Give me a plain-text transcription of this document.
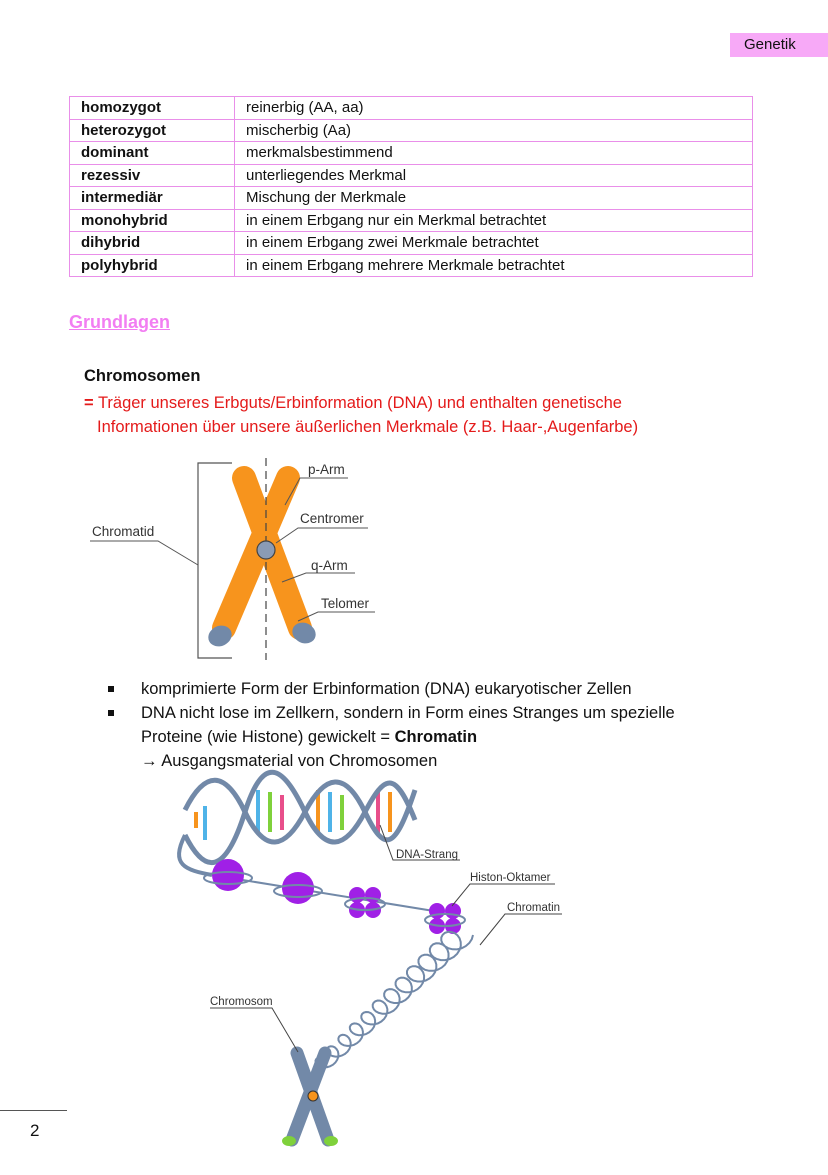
Genetik
homozygot	reinerbig (AA, aa)
heterozygot	mischerbig (Aa)
dominant	merkmalsbestimmend
rezessiv	unterliegendes Merkmal
intermediär	Mischung der Merkmale
monohybrid	in einem Erbgang nur ein Merkmal betrachtet
dihybrid	in einem Erbgang zwei Merkmale betrachtet
polyhybrid	in einem Erbgang mehrere Merkmale betrachtet
Grundlagen
Chromosomen
= Träger unseres Erbguts/Erbinformation (DNA) und enthalten genetische
Informationen über unsere äußerlichen Merkmale (z.B. Haar-,Augenfarbe)
Chromatid
p-Arm
Centromer
q-Arm
Telomer
komprimierte Form der Erbinformation (DNA) eukaryotischer Zellen
DNA nicht lose im Zellkern, sondern in Form eines Stranges um spezielle
Proteine (wie Histone) gewickelt = Chromatin
→ Ausgangsmaterial von Chromosomen
DNA-Strang
Histon-Oktamer
Chromatin
Chromosom
2
